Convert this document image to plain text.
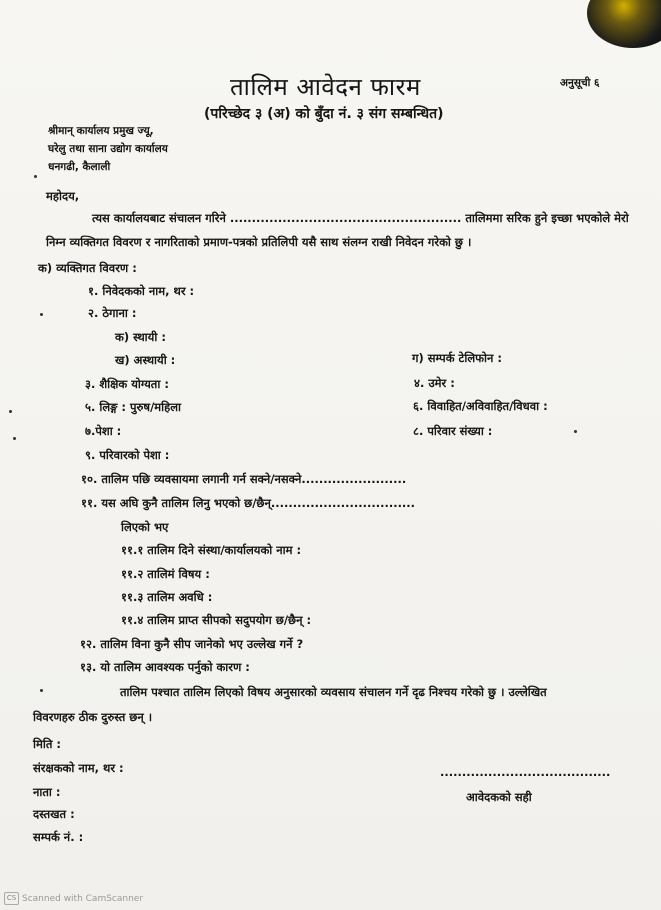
तालिम आवेदन फारम
(परिच्छेद ३ (अ) को बुँदा नं. ३ संग सम्बन्धित)
अनुसूची ६
श्रीमान् कार्यालय प्रमुख ज्यू,
घरेलु तथा साना उद्योग कार्यालय
धनगढी, कैलाली
महोदय,
त्यस कार्यालयबाट संचालन गरिने ..................................................... तालिममा सरिक हुने इच्छा भएकोले मेरो
निम्न व्यक्तिगत विवरण र नागरिताको प्रमाण-पत्रको प्रतिलिपी यसै साथ संलग्न राखी निवेदन गरेको छु ।
क) व्यक्तिगत विवरण :
१. निवेदकको नाम, थर :
२. ठेगाना :
क) स्थायी :
ख) अस्थायी :	ग) सम्पर्क टेलिफोन :
३. शैक्षिक योग्यता :	४. उमेर :
५. लिङ्ग : पुरुष/महिला	६. विवाहित/अविवाहित/विधवा :
७.पेशा :	८. परिवार संख्या :
९. परिवारको पेशा :
१०. तालिम पछि व्यवसायमा लगानी गर्न सक्ने/नसक्ने........................
११. यस अघि कुनै तालिम लिनु भएको छ/छैन्.................................
लिएको भए
११.१ तालिम दिने संस्था/कार्यालयको नाम :
११.२ तालिमं विषय :
११.३ तालिम अवधि :
११.४ तालिम प्राप्त सीपको सदुपयोग छ/छैन् :
१२. तालिम विना कुनै सीप जानेको भए उल्लेख गर्ने ?
१३. यो तालिम आवश्यक पर्नुको कारण :
तालिम पश्चात तालिम लिएको विषय अनुसारको व्यवसाय संचालन गर्ने दृढ निश्चय गरेको छु । उल्लेखित
विवरणहरु ठीक दुरुस्त छन् ।
मिति :
संरक्षकको नाम, थर :
नाता :
दस्तखत :
सम्पर्क नं. :
.......................................
आवेदकको सही
CS Scanned with CamScanner
